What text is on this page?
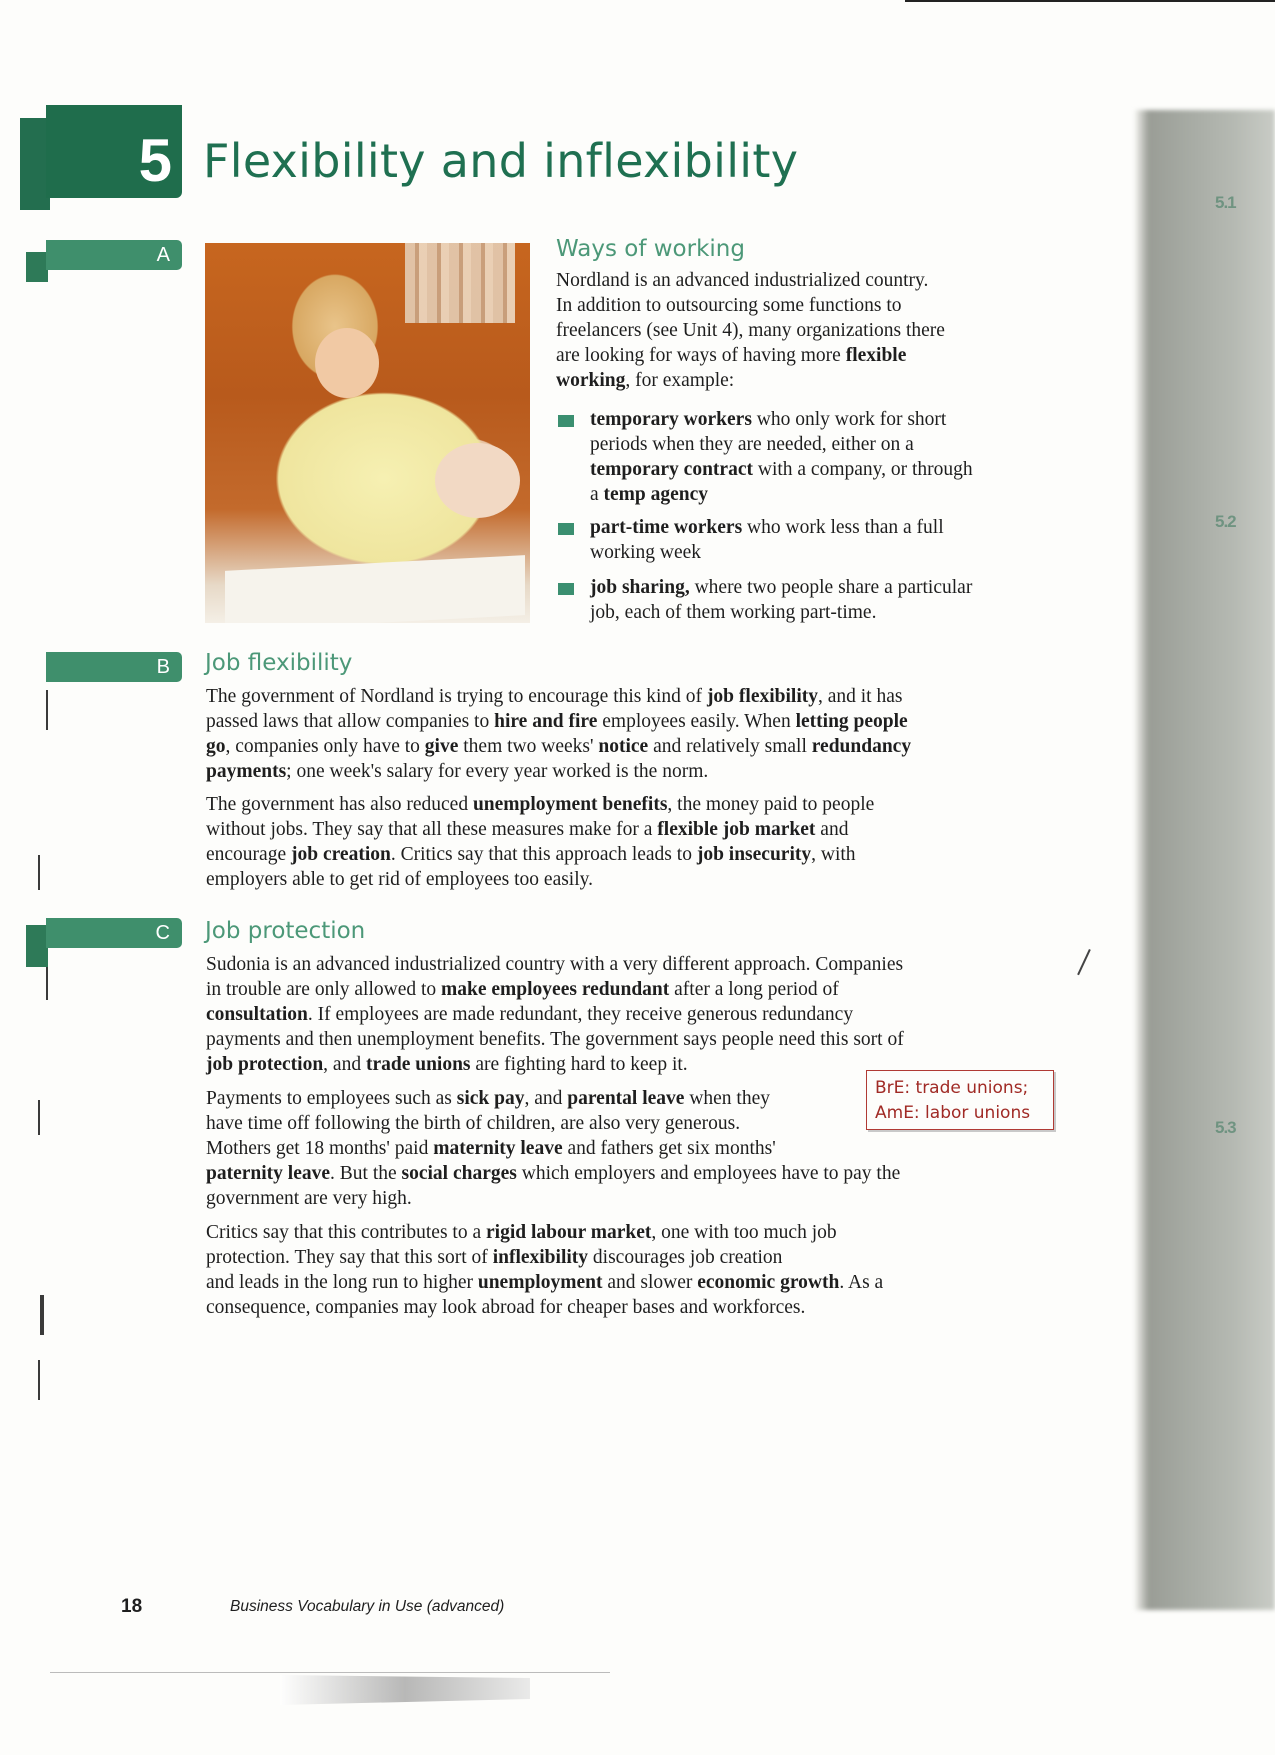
5.1
5.2
5.3
5 Flexibility and inflexibility
A	Ways of working
Nordland is an advanced industrialized country.
In addition to outsourcing some functions to
freelancers (see Unit 4), many organizations there
are looking for ways of having more flexible
working, for example:
temporary workers who only work for short
periods when they are needed, either on a
temporary contract with a company, or through
a temp agency
part-time workers who work less than a full
working week
job sharing, where two people share a particular
job, each of them working part-time.
B	Job flexibility
The government of Nordland is trying to encourage this kind of job flexibility, and it has
passed laws that allow companies to hire and fire employees easily. When letting people
go, companies only have to give them two weeks' notice and relatively small redundancy
payments; one week's salary for every year worked is the norm.
The government has also reduced unemployment benefits, the money paid to people
without jobs. They say that all these measures make for a flexible job market and
encourage job creation. Critics say that this approach leads to job insecurity, with
employers able to get rid of employees too easily.
C	Job protection
Sudonia is an advanced industrialized country with a very different approach. Companies
in trouble are only allowed to make employees redundant after a long period of
consultation. If employees are made redundant, they receive generous redundancy
payments and then unemployment benefits. The government says people need this sort of
job protection, and trade unions are fighting hard to keep it.
Payments to employees such as sick pay, and parental leave when they
have time off following the birth of children, are also very generous.
Mothers get 18 months' paid maternity leave and fathers get six months'
paternity leave. But the social charges which employers and employees have to pay the
government are very high.
BrE: trade unions;
AmE: labor unions
Critics say that this contributes to a rigid labour market, one with too much job
protection. They say that this sort of inflexibility discourages job creation
and leads in the long run to higher unemployment and slower economic growth. As a
consequence, companies may look abroad for cheaper bases and workforces.
18	Business Vocabulary in Use (advanced)
